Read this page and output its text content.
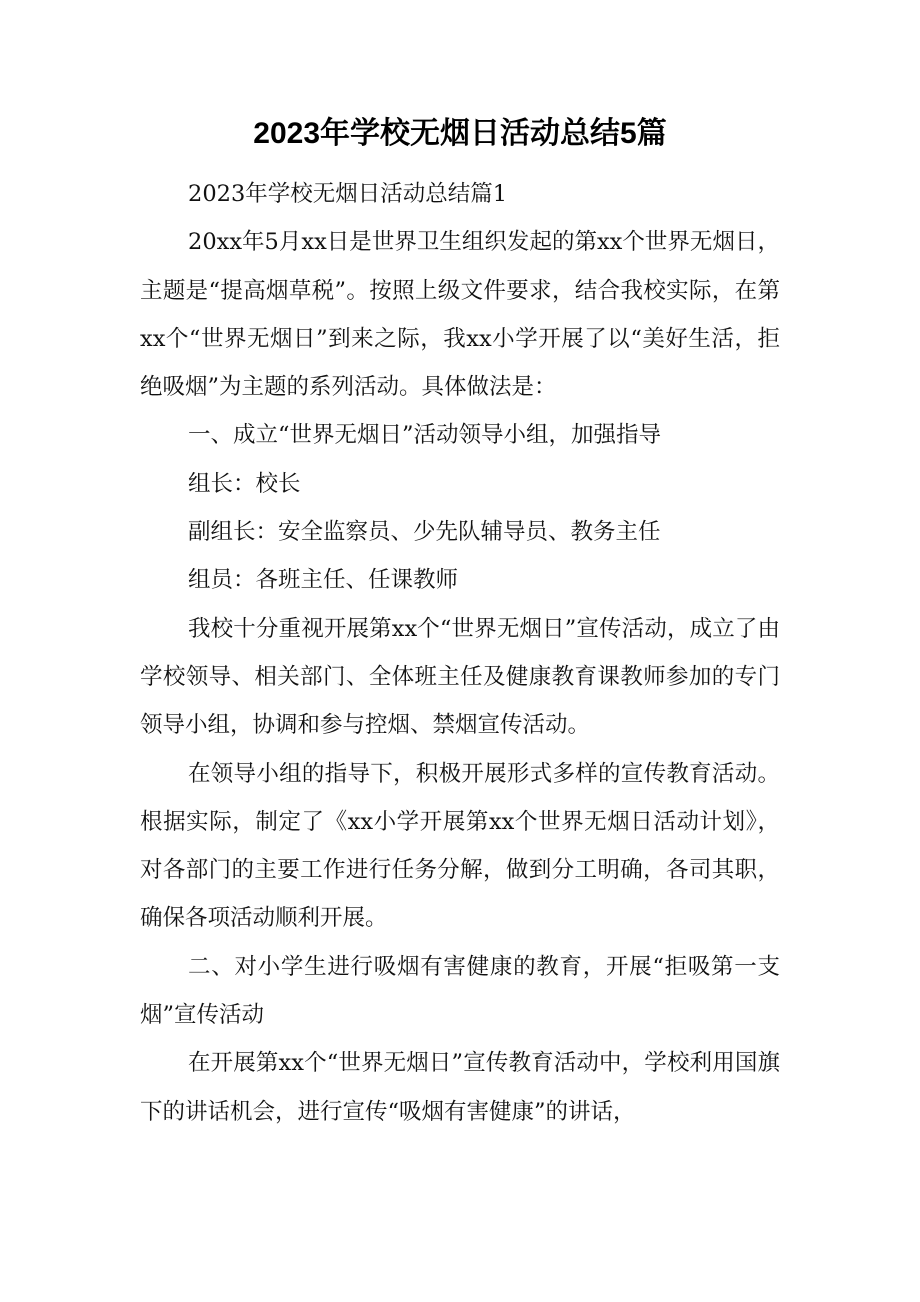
2023年学校无烟日活动总结5篇

2023年学校无烟日活动总结篇1

20xx年5月xx日是世界卫生组织发起的第xx个世界无烟日，主题是“提高烟草税”。按照上级文件要求，结合我校实际，在第xx个“世界无烟日”到来之际，我xx小学开展了以“美好生活，拒绝吸烟”为主题的系列活动。具体做法是：

一、成立“世界无烟日”活动领导小组，加强指导

组长：校长

副组长：安全监察员、少先队辅导员、教务主任

组员：各班主任、任课教师

我校十分重视开展第xx个“世界无烟日”宣传活动，成立了由学校领导、相关部门、全体班主任及健康教育课教师参加的专门领导小组，协调和参与控烟、禁烟宣传活动。

在领导小组的指导下，积极开展形式多样的宣传教育活动。根据实际，制定了《xx小学开展第xx个世界无烟日活动计划》，对各部门的主要工作进行任务分解，做到分工明确，各司其职，确保各项活动顺利开展。

二、对小学生进行吸烟有害健康的教育，开展“拒吸第一支烟”宣传活动

在开展第xx个“世界无烟日”宣传教育活动中，学校利用国旗下的讲话机会，进行宣传“吸烟有害健康”的讲话，
